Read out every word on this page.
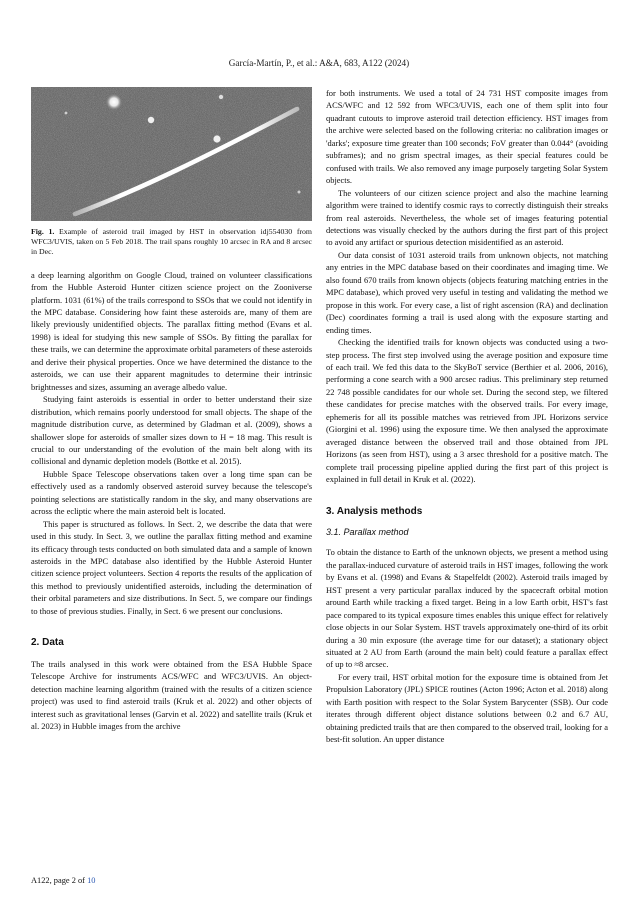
García-Martín, P., et al.: A&A, 683, A122 (2024)
Fig. 1. Example of asteroid trail imaged by HST in observation idj554030 from WFC3/UVIS, taken on 5 Feb 2018. The trail spans roughly 10 arcsec in RA and 8 arcsec in Dec.

a deep learning algorithm on Google Cloud, trained on volunteer classifications from the Hubble Asteroid Hunter citizen science project on the Zooniverse platform. 1031 (61%) of the trails correspond to SSOs that we could not identify in the MPC database. Considering how faint these asteroids are, many of them are likely previously unidentified objects. The parallax fitting method (Evans et al. 1998) is ideal for studying this new sample of SSOs. By fitting the parallax for these trails, we can determine the approximate orbital parameters of these asteroids and derive their physical properties. Once we have determined the distance to the asteroids, we can use their apparent magnitudes to determine their intrinsic brightnesses and sizes, assuming an average albedo value.

Studying faint asteroids is essential in order to better understand their size distribution, which remains poorly understood for small objects. The shape of the magnitude distribution curve, as determined by Gladman et al. (2009), shows a shallower slope for asteroids of smaller sizes down to H = 18 mag. This result is crucial to our understanding of the evolution of the main belt along with its collisional and dynamic depletion models (Bottke et al. 2015).

Hubble Space Telescope observations taken over a long time span can be effectively used as a randomly observed asteroid survey because the telescope's pointing selections are statistically random in the sky, and many observations are across the ecliptic where the main asteroid belt is located.

This paper is structured as follows. In Sect. 2, we describe the data that were used in this study. In Sect. 3, we outline the parallax fitting method and examine its efficacy through tests conducted on both simulated data and a sample of known asteroids in the MPC database also identified by the Hubble Asteroid Hunter citizen science project volunteers. Section 4 reports the results of the application of this method to previously unidentified asteroids, including the determination of their orbital parameters and size distributions. In Sect. 5, we compare our findings to those of previous studies. Finally, in Sect. 6 we present our conclusions.

2. Data

The trails analysed in this work were obtained from the ESA Hubble Space Telescope Archive for instruments ACS/WFC and WFC3/UVIS. An object-detection machine learning algorithm (trained with the results of a citizen science project) was used to find asteroid trails (Kruk et al. 2022) and other objects of interest such as gravitational lenses (Garvin et al. 2022) and satellite trails (Kruk et al. 2023) in Hubble images from the archive

for both instruments. We used a total of 24 731 HST composite images from ACS/WFC and 12 592 from WFC3/UVIS, each one of them split into four quadrant cutouts to improve asteroid trail detection efficiency. HST images from the archive were selected based on the following criteria: no calibration images or 'darks'; exposure time greater than 100 seconds; FoV greater than 0.044° (avoiding subframes); and no grism spectral images, as their special features could be confused with trails. We also removed any image purposely targeting Solar System objects.

The volunteers of our citizen science project and also the machine learning algorithm were trained to identify cosmic rays to correctly distinguish their streaks from real asteroids. Nevertheless, the whole set of images featuring potential detections was visually checked by the authors during the first part of this project to avoid any artifact or spurious detection misidentified as an asteroid.

Our data consist of 1031 asteroid trails from unknown objects, not matching any entries in the MPC database based on their coordinates and imaging time. We also found 670 trails from known objects (objects featuring matching entries in the MPC database), which proved very useful in testing and validating the method we propose in this work. For every case, a list of right ascension (RA) and declination (Dec) coordinates forming a trail is used along with the exposure starting and ending times.

Checking the identified trails for known objects was conducted using a two-step process. The first step involved using the average position and exposure time of each trail. We fed this data to the SkyBoT service (Berthier et al. 2006, 2016), performing a cone search with a 900 arcsec radius. This preliminary step returned 22 748 possible candidates for our whole set. During the second step, we filtered these candidates for precise matches with the observed trails. For every image, ephemeris for all its possible matches was retrieved from JPL Horizons service (Giorgini et al. 1996) using the exposure time. We then analysed the approximate averaged distance between the observed trail and those obtained from JPL Horizons (as seen from HST), using a 3 arsec threshold for a positive match. The complete trail processing pipeline applied during the first part of this project is explained in full detail in Kruk et al. (2022).

3. Analysis methods
3.1. Parallax method

To obtain the distance to Earth of the unknown objects, we present a method using the parallax-induced curvature of asteroid trails in HST images, following the work by Evans et al. (1998) and Evans & Stapelfeldt (2002). Asteroid trails imaged by HST present a very particular parallax induced by the spacecraft orbital motion around Earth while tracking a fixed target. Being in a low Earth orbit, HST's fast pace compared to its typical exposure times enables this unique effect for relatively close objects in our Solar System. HST travels approximately one-third of its orbit during a 30 min exposure (the average time for our dataset); a stationary object situated at 2 AU from Earth (around the main belt) could feature a parallax effect of up to ≈8 arcsec.

For every trail, HST orbital motion for the exposure time is obtained from Jet Propulsion Laboratory (JPL) SPICE routines (Acton 1996; Acton et al. 2018) along with Earth position with respect to the Solar System Barycenter (SSB). Our code iterates through different object distance solutions between 0.2 and 6.7 AU, obtaining predicted trails that are then compared to the observed trail, looking for a best-fit solution. An upper distance

A122, page 2 of 10
